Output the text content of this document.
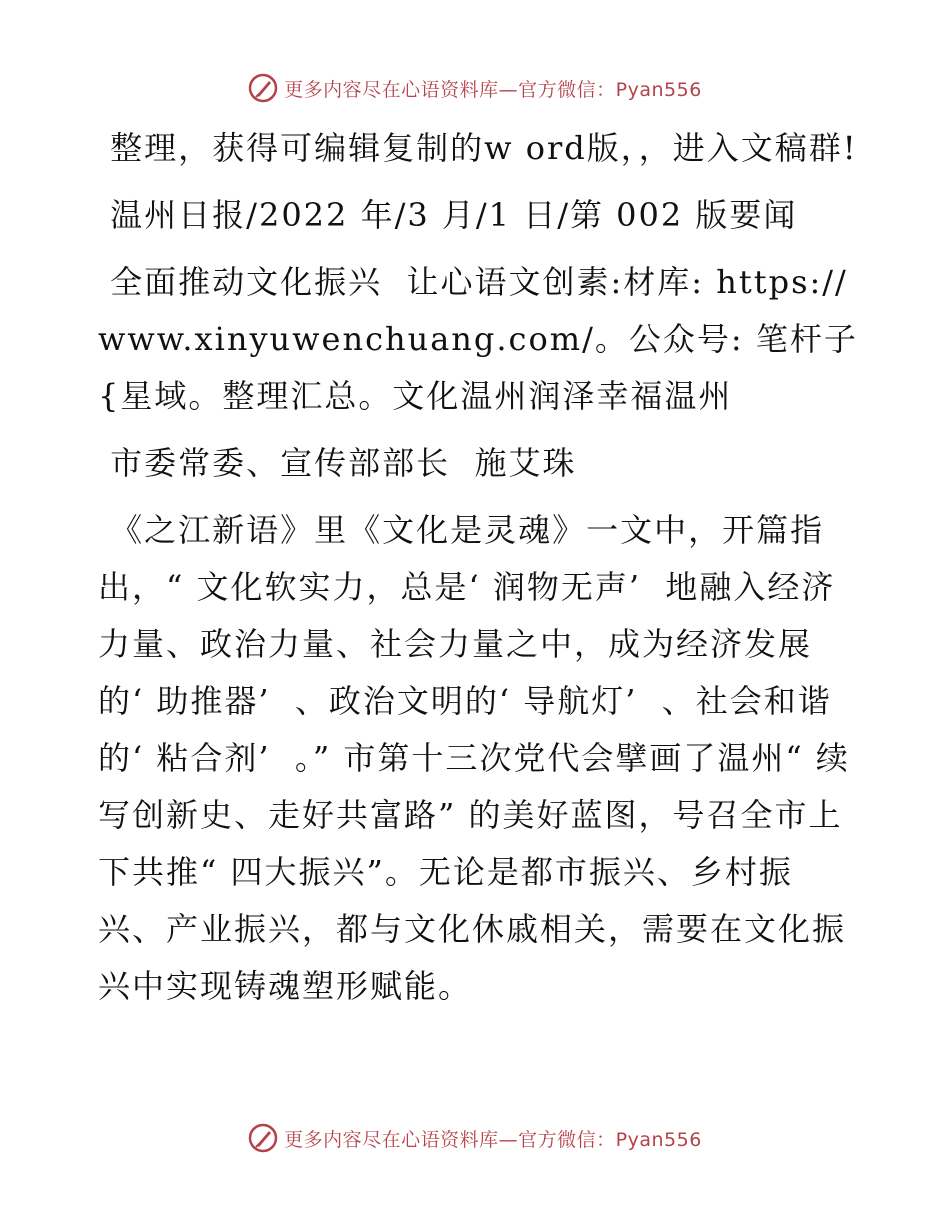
更多内容尽在心语资料库—官方微信：Pyan556

整理，获得可编辑复制的w ord版，，进入文稿群!

温州日报/2022 年/3 月/1 日/第 002 版要闻

全面推动文化振兴  让心语文创素:材库: https://www.xinyuwenchuang.com/。公众号: 笔杆子{星域。整理汇总。文化温州润泽幸福温州

市委常委、宣传部部长  施艾珠

《之江新语》里《文化是灵魂》一文中，开篇指出，“ 文化软实力，总是‘ 润物无声’  地融入经济力量、政治力量、社会力量之中，成为经济发展的‘ 助推器’  、政治文明的‘ 导航灯’  、社会和谐的‘ 粘合剂’  。” 市第十三次党代会擘画了温州“ 续写创新史、走好共富路” 的美好蓝图，号召全市上下共推“ 四大振兴”。无论是都市振兴、乡村振兴、产业振兴，都与文化休戚相关，需要在文化振兴中实现铸魂塑形赋能。

更多内容尽在心语资料库—官方微信：Pyan556
